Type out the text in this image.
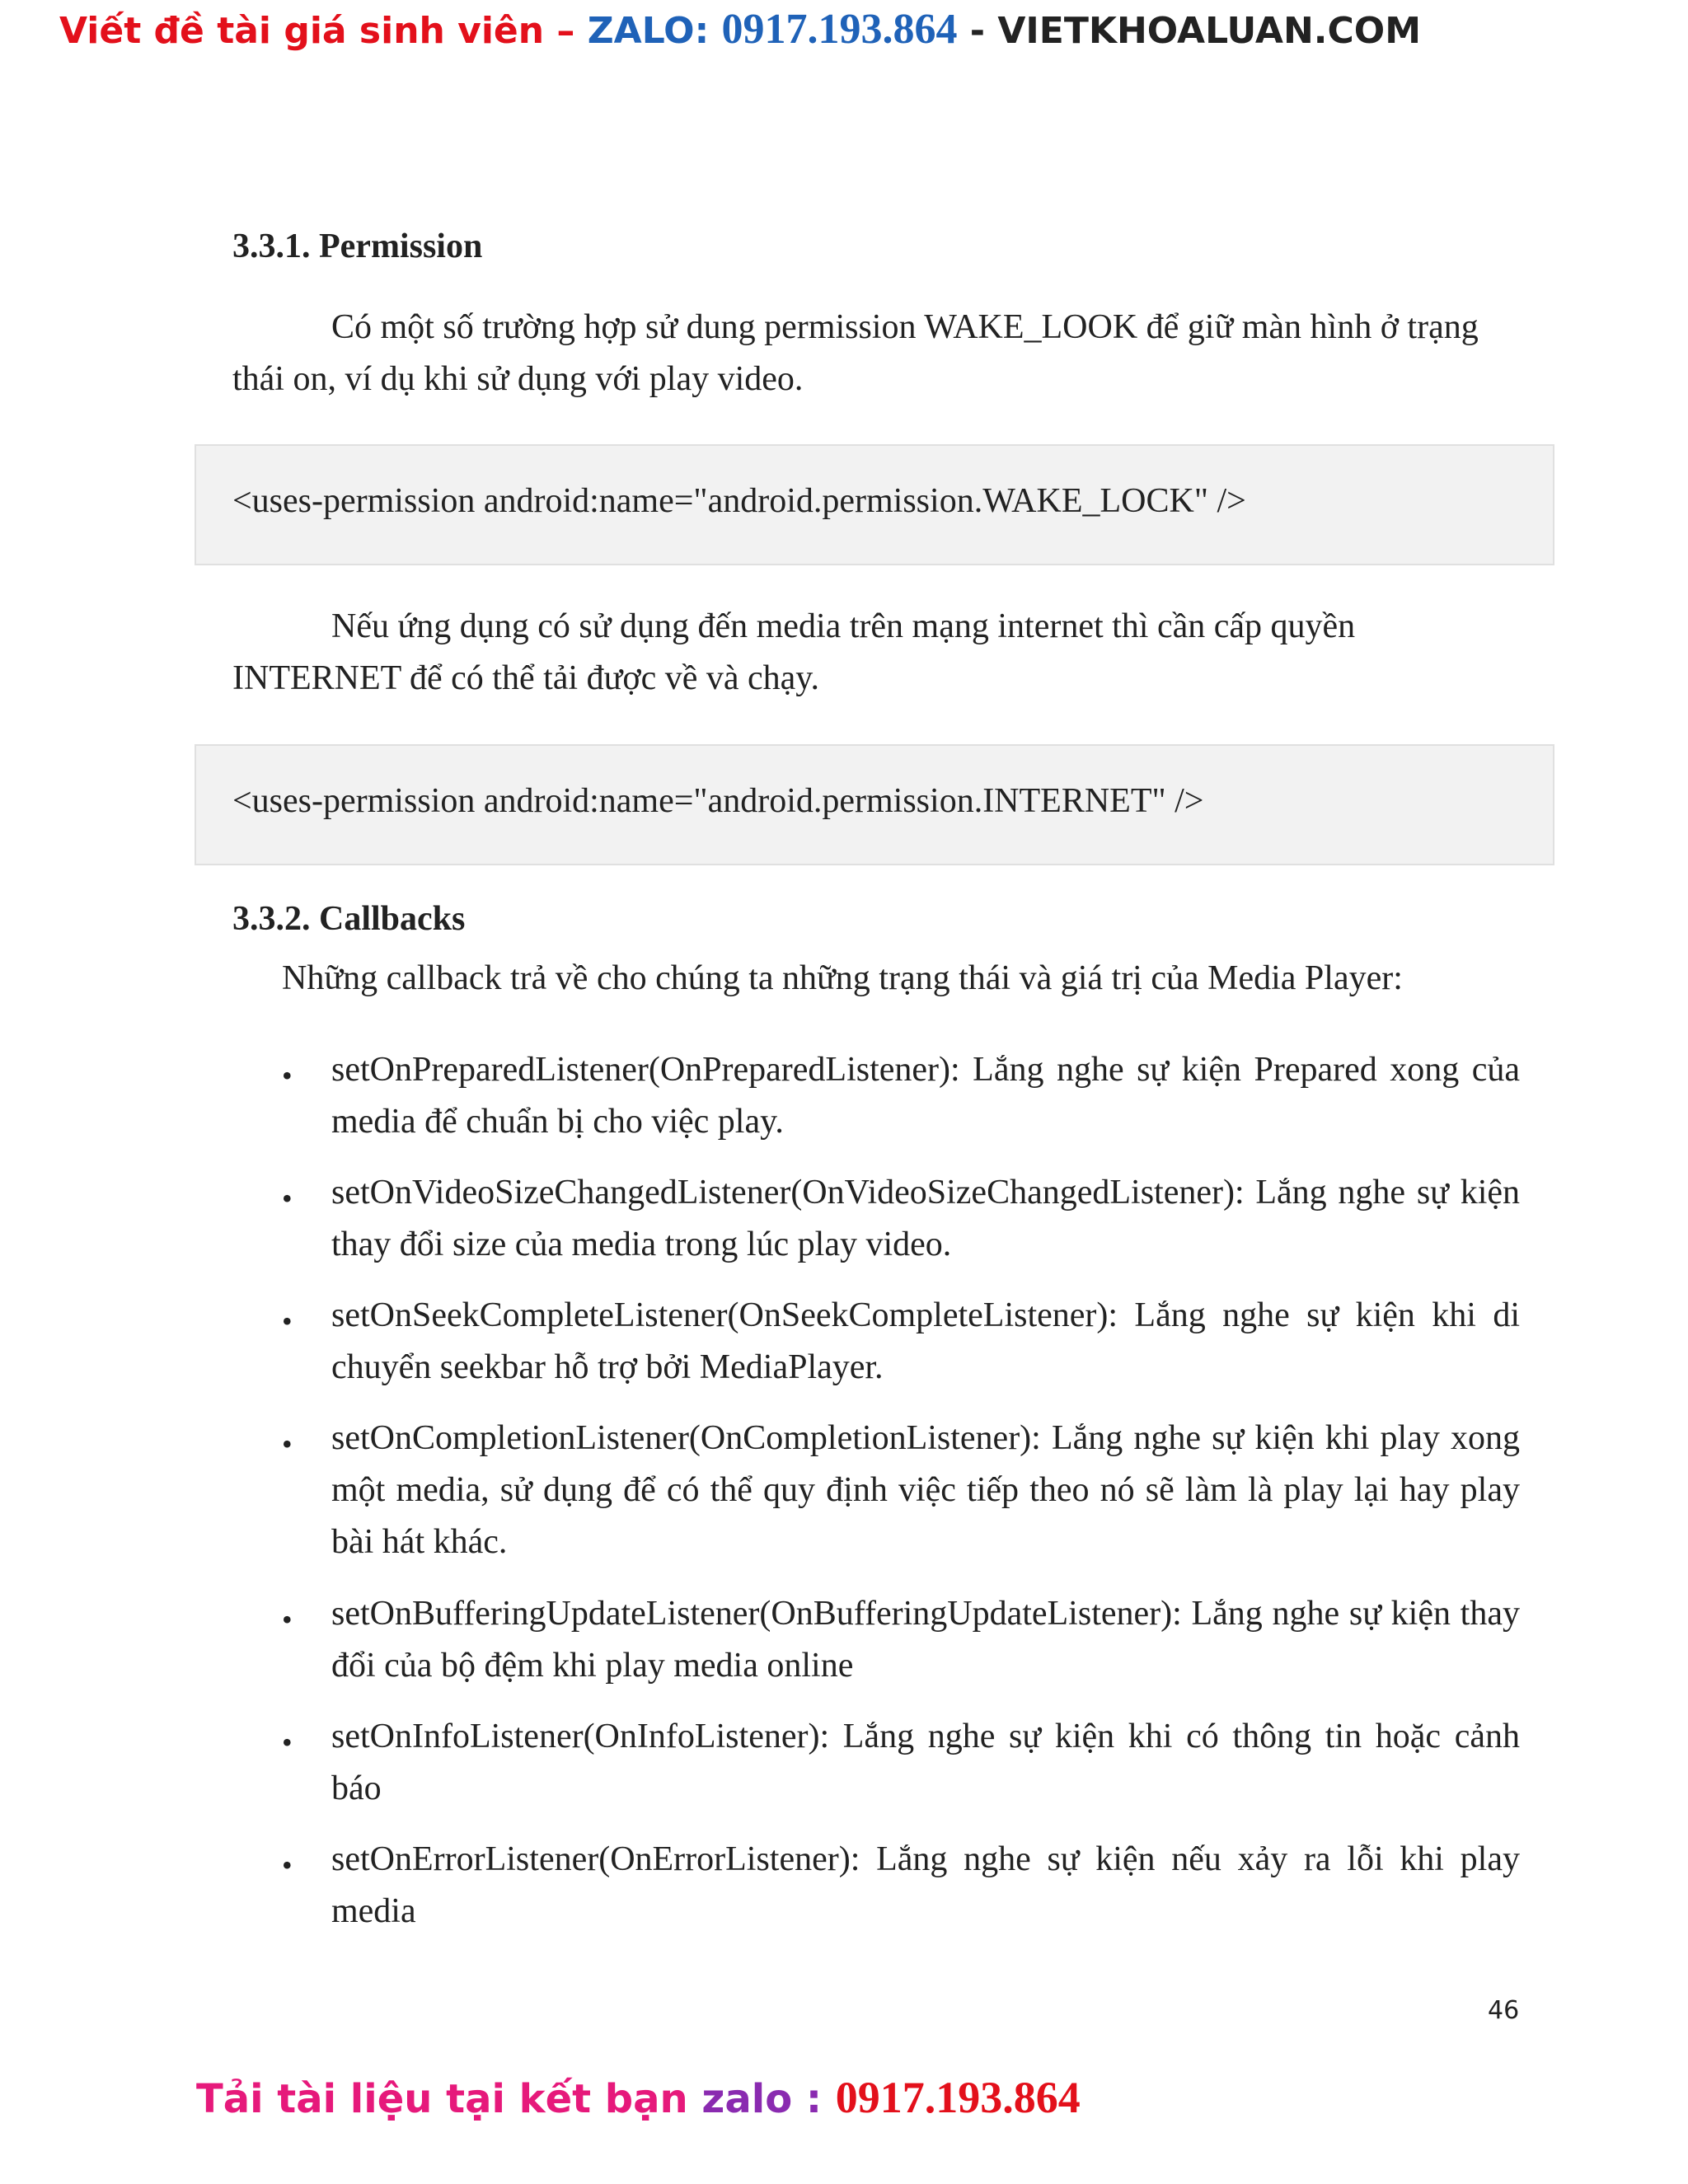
Viết đề tài giá sinh viên – ZALO: 0917.193.864 - VIETKHOALUAN.COM
3.3.1. Permission
Có một số trường hợp sử dung permission WAKE_LOOK để giữ màn hình ở trạng thái on, ví dụ khi sử dụng với play video.
<uses-permission android:name="android.permission.WAKE_LOCK" />
Nếu ứng dụng có sử dụng đến media trên mạng internet thì cần cấp quyền INTERNET để có thể tải được về và chạy.
<uses-permission android:name="android.permission.INTERNET" />
3.3.2. Callbacks
Những callback trả về cho chúng ta những trạng thái và giá trị của Media Player:
• setOnPreparedListener(OnPreparedListener): Lắng nghe sự kiện Prepared xong của media để chuẩn bị cho việc play.
• setOnVideoSizeChangedListener(OnVideoSizeChangedListener): Lắng nghe sự kiện thay đổi size của media trong lúc play video.
• setOnSeekCompleteListener(OnSeekCompleteListener): Lắng nghe sự kiện khi di chuyển seekbar hỗ trợ bởi MediaPlayer.
• setOnCompletionListener(OnCompletionListener): Lắng nghe sự kiện khi play xong một media, sử dụng để có thể quy định việc tiếp theo nó sẽ làm là play lại hay play bài hát khác.
• setOnBufferingUpdateListener(OnBufferingUpdateListener): Lắng nghe sự kiện thay đổi của bộ đệm khi play media online
• setOnInfoListener(OnInfoListener): Lắng nghe sự kiện khi có thông tin hoặc cảnh báo
• setOnErrorListener(OnErrorListener): Lắng nghe sự kiện nếu xảy ra lỗi khi play media
46
Tải tài liệu tại kết bạn zalo : 0917.193.864
